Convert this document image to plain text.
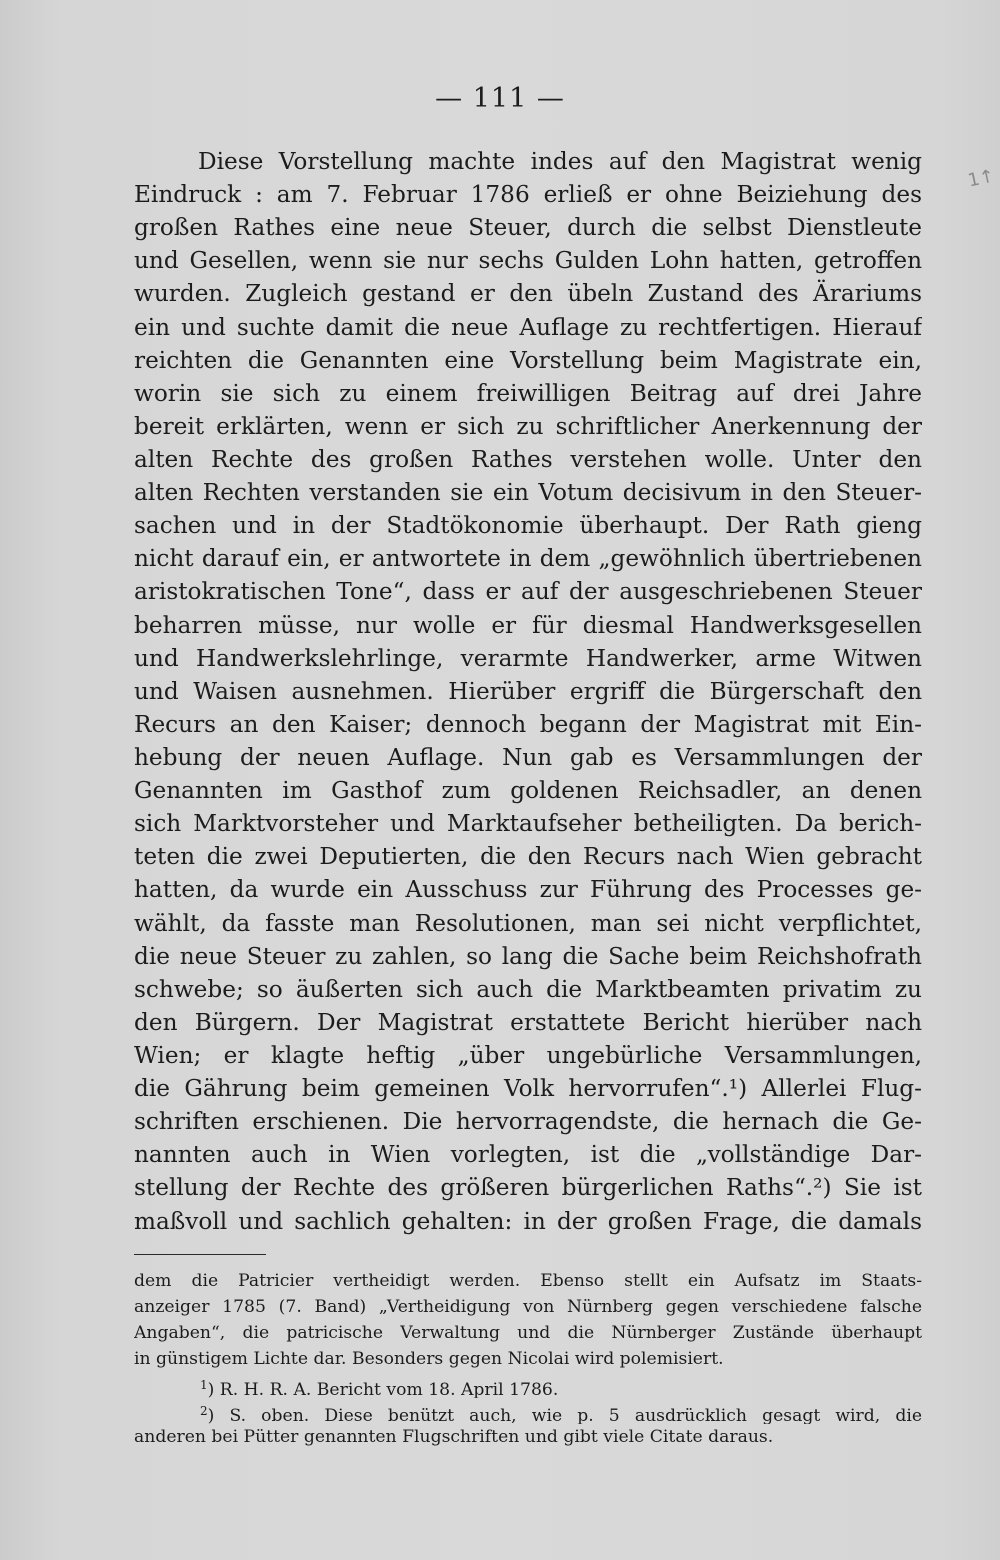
— 111 —
1↑
Diese Vorstellung machte indes auf den Magistrat wenig
Eindruck : am 7. Februar 1786 erließ er ohne Beiziehung des
großen Rathes eine neue Steuer, durch die selbst Dienstleute
und Gesellen, wenn sie nur sechs Gulden Lohn hatten, getroffen
wurden. Zugleich gestand er den übeln Zustand des Ärariums
ein und suchte damit die neue Auflage zu rechtfertigen. Hierauf
reichten die Genannten eine Vorstellung beim Magistrate ein,
worin sie sich zu einem freiwilligen Beitrag auf drei Jahre
bereit erklärten, wenn er sich zu schriftlicher Anerkennung der
alten Rechte des großen Rathes verstehen wolle. Unter den
alten Rechten verstanden sie ein Votum decisivum in den Steuer-
sachen und in der Stadtökonomie überhaupt. Der Rath gieng
nicht darauf ein, er antwortete in dem „gewöhnlich übertriebenen
aristokratischen Tone“, dass er auf der ausgeschriebenen Steuer
beharren müsse, nur wolle er für diesmal Handwerksgesellen
und Handwerkslehrlinge, verarmte Handwerker, arme Witwen
und Waisen ausnehmen. Hierüber ergriff die Bürgerschaft den
Recurs an den Kaiser; dennoch begann der Magistrat mit Ein-
hebung der neuen Auflage. Nun gab es Versammlungen der
Genannten im Gasthof zum goldenen Reichsadler, an denen
sich Marktvorsteher und Marktaufseher betheiligten. Da berich-
teten die zwei Deputierten, die den Recurs nach Wien gebracht
hatten, da wurde ein Ausschuss zur Führung des Processes ge-
wählt, da fasste man Resolutionen, man sei nicht verpflichtet,
die neue Steuer zu zahlen, so lang die Sache beim Reichshofrath
schwebe; so äußerten sich auch die Marktbeamten privatim zu
den Bürgern. Der Magistrat erstattete Bericht hierüber nach
Wien; er klagte heftig „über ungebürliche Versammlungen,
die Gährung beim gemeinen Volk hervorrufen“.¹) Allerlei Flug-
schriften erschienen. Die hervorragendste, die hernach die Ge-
nannten auch in Wien vorlegten, ist die „vollständige Dar-
stellung der Rechte des größeren bürgerlichen Raths“.²) Sie ist
maßvoll und sachlich gehalten: in der großen Frage, die damals
dem die Patricier vertheidigt werden. Ebenso stellt ein Aufsatz im Staats-
anzeiger 1785 (7. Band) „Vertheidigung von Nürnberg gegen verschiedene falsche
Angaben“, die patricische Verwaltung und die Nürnberger Zustände überhaupt
in günstigem Lichte dar. Besonders gegen Nicolai wird polemisiert.
$^1$) R. H. R. A. Bericht vom 18. April 1786.
$^2$) S. oben. Diese benützt auch, wie p. 5 ausdrücklich gesagt wird, die
anderen bei Pütter genannten Flugschriften und gibt viele Citate daraus.
